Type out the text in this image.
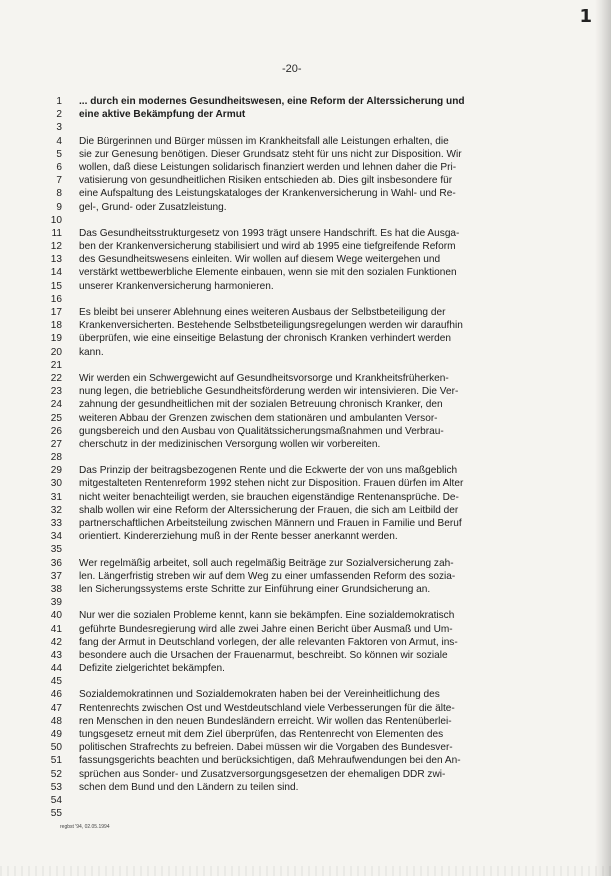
1
-20-
1 ... durch ein modernes Gesundheitswesen, eine Reform der Alterssicherung und
2 eine aktive Bekämpfung der Armut
3
4 Die Bürgerinnen und Bürger müssen im Krankheitsfall alle Leistungen erhalten, die
5 sie zur Genesung benötigen. Dieser Grundsatz steht für uns nicht zur Disposition. Wir
6 wollen, daß diese Leistungen solidarisch finanziert werden und lehnen daher die Pri-
7 vatisierung von gesundheitlichen Risiken entschieden ab. Dies gilt insbesondere für
8 eine Aufspaltung des Leistungskataloges der Krankenversicherung in Wahl- und Re-
9 gel-, Grund- oder Zusatzleistung.
10
11 Das Gesundheitsstrukturgesetz von 1993 trägt unsere Handschrift. Es hat die Ausga-
12 ben der Krankenversicherung stabilisiert und wird ab 1995 eine tiefgreifende Reform
13 des Gesundheitswesens einleiten. Wir wollen auf diesem Wege weitergehen und
14 verstärkt wettbewerbliche Elemente einbauen, wenn sie mit den sozialen Funktionen
15 unserer Krankenversicherung harmonieren.
16
17 Es bleibt bei unserer Ablehnung eines weiteren Ausbaus der Selbstbeteiligung der
18 Krankenversicherten. Bestehende Selbstbeteiligungsregelungen werden wir daraufhin
19 überprüfen, wie eine einseitige Belastung der chronisch Kranken verhindert werden
20 kann.
21
22 Wir werden ein Schwergewicht auf Gesundheitsvorsorge und Krankheitsfrüherken-
23 nung legen, die betriebliche Gesundheitsförderung werden wir intensivieren. Die Ver-
24 zahnung der gesundheitlichen mit der sozialen Betreuung chronisch Kranker, den
25 weiteren Abbau der Grenzen zwischen dem stationären und ambulanten Versor-
26 gungsbereich und den Ausbau von Qualitätssicherungsmaßnahmen und Verbrau-
27 cherschutz in der medizinischen Versorgung wollen wir vorbereiten.
28
29 Das Prinzip der beitragsbezogenen Rente und die Eckwerte der von uns maßgeblich
30 mitgestalteten Rentenreform 1992 stehen nicht zur Disposition. Frauen dürfen im Alter
31 nicht weiter benachteiligt werden, sie brauchen eigenständige Rentenansprüche. De-
32 shalb wollen wir eine Reform der Alterssicherung der Frauen, die sich am Leitbild der
33 partnerschaftlichen Arbeitsteilung zwischen Männern und Frauen in Familie und Beruf
34 orientiert. Kindererziehung muß in der Rente besser anerkannt werden.
35
36 Wer regelmäßig arbeitet, soll auch regelmäßig Beiträge zur Sozialversicherung zah-
37 len. Längerfristig streben wir auf dem Weg zu einer umfassenden Reform des sozia-
38 len Sicherungssystems erste Schritte zur Einführung einer Grundsicherung an.
39
40 Nur wer die sozialen Probleme kennt, kann sie bekämpfen. Eine sozialdemokratisch
41 geführte Bundesregierung wird alle zwei Jahre einen Bericht über Ausmaß und Um-
42 fang der Armut in Deutschland vorlegen, der alle relevanten Faktoren von Armut, ins-
43 besondere auch die Ursachen der Frauenarmut, beschreibt. So können wir soziale
44 Defizite zielgerichtet bekämpfen.
45
46 Sozialdemokratinnen und Sozialdemokraten haben bei der Vereinheitlichung des
47 Rentenrechts zwischen Ost und Westdeutschland viele Verbesserungen für die älte-
48 ren Menschen in den neuen Bundesländern erreicht. Wir wollen das Rentenüberlei-
49 tungsgesetz erneut mit dem Ziel überprüfen, das Rentenrecht von Elementen des
50 politischen Strafrechts zu befreien. Dabei müssen wir die Vorgaben des Bundesver-
51 fassungsgerichts beachten und berücksichtigen, daß Mehraufwendungen bei den An-
52 sprüchen aus Sonder- und Zusatzversorgungsgesetzen der ehemaligen DDR zwi-
53 schen dem Bund und den Ländern zu teilen sind.
54
55
regbst '94, 02.05.1994
